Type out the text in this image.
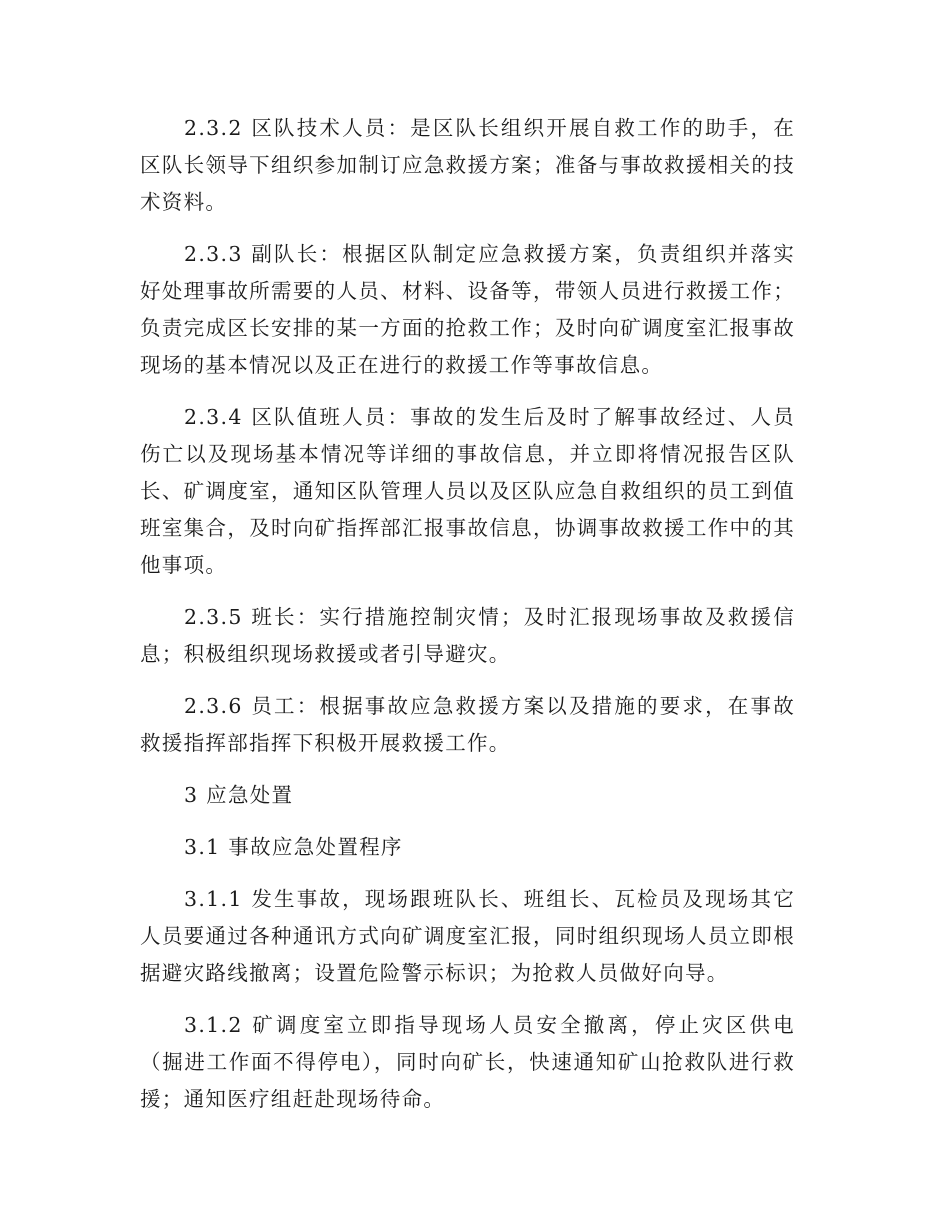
2.3.2 区队技术人员：是区队长组织开展自救工作的助手，在区队长领导下组织参加制订应急救援方案；准备与事故救援相关的技术资料。

2.3.3 副队长：根据区队制定应急救援方案，负责组织并落实好处理事故所需要的人员、材料、设备等，带领人员进行救援工作；负责完成区长安排的某一方面的抢救工作；及时向矿调度室汇报事故现场的基本情况以及正在进行的救援工作等事故信息。

2.3.4 区队值班人员：事故的发生后及时了解事故经过、人员伤亡以及现场基本情况等详细的事故信息，并立即将情况报告区队长、矿调度室，通知区队管理人员以及区队应急自救组织的员工到值班室集合，及时向矿指挥部汇报事故信息，协调事故救援工作中的其他事项。

2.3.5 班长：实行措施控制灾情；及时汇报现场事故及救援信息；积极组织现场救援或者引导避灾。

2.3.6 员工：根据事故应急救援方案以及措施的要求，在事故救援指挥部指挥下积极开展救援工作。

3 应急处置

3.1 事故应急处置程序

3.1.1 发生事故，现场跟班队长、班组长、瓦检员及现场其它人员要通过各种通讯方式向矿调度室汇报，同时组织现场人员立即根据避灾路线撤离；设置危险警示标识；为抢救人员做好向导。

3.1.2 矿调度室立即指导现场人员安全撤离，停止灾区供电（掘进工作面不得停电），同时向矿长，快速通知矿山抢救队进行救援；通知医疗组赶赴现场待命。
